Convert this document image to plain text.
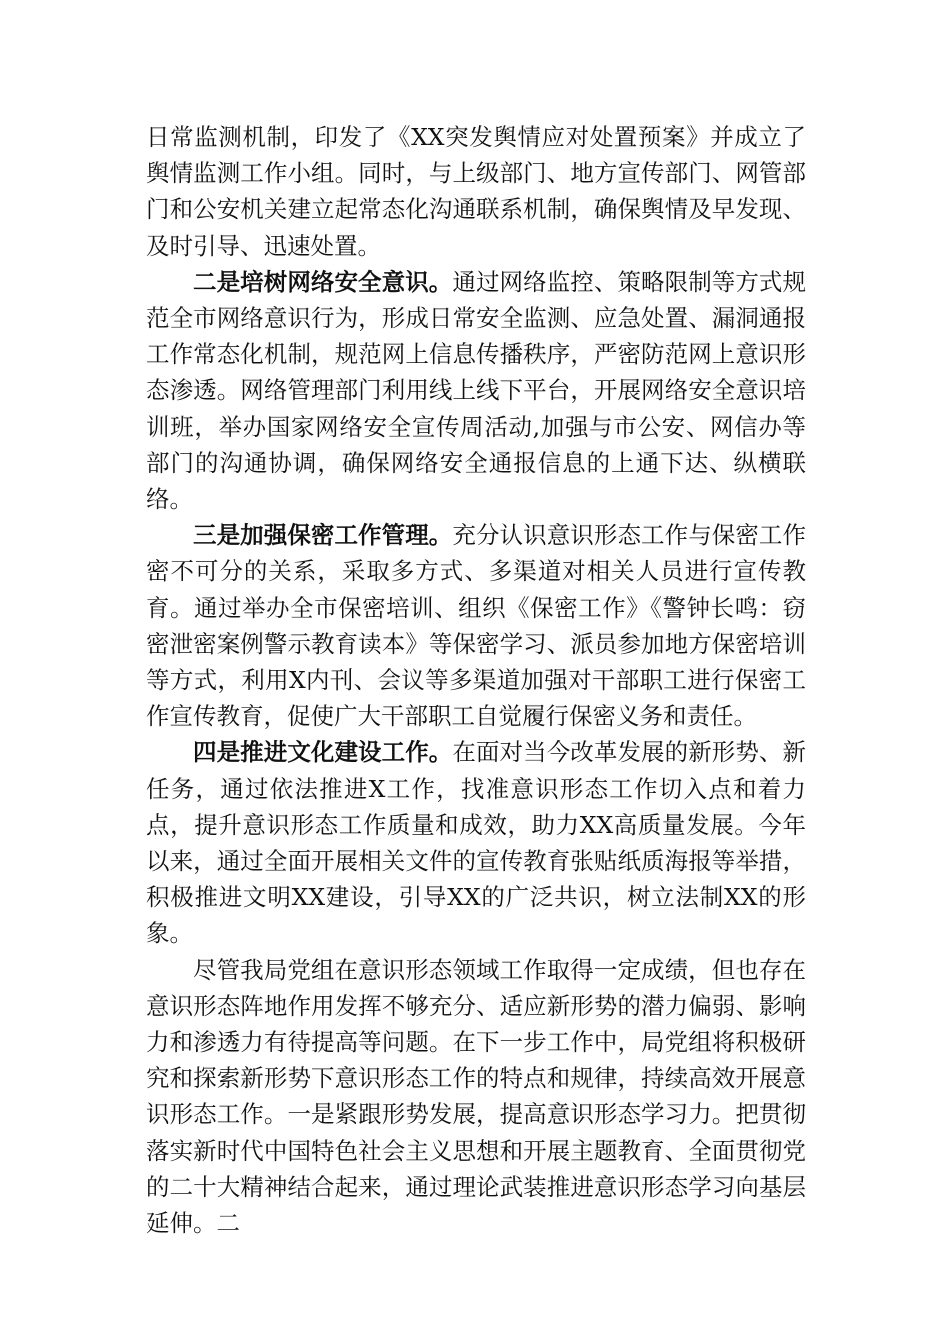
日常监测机制，印发了《XX突发舆情应对处置预案》并成立了舆情监测工作小组。同时，与上级部门、地方宣传部门、网管部门和公安机关建立起常态化沟通联系机制，确保舆情及早发现、及时引导、迅速处置。

二是培树网络安全意识。通过网络监控、策略限制等方式规范全市网络意识行为，形成日常安全监测、应急处置、漏洞通报工作常态化机制，规范网上信息传播秩序，严密防范网上意识形态渗透。网络管理部门利用线上线下平台，开展网络安全意识培训班，举办国家网络安全宣传周活动,加强与市公安、网信办等部门的沟通协调，确保网络安全通报信息的上通下达、纵横联络。

三是加强保密工作管理。充分认识意识形态工作与保密工作密不可分的关系，采取多方式、多渠道对相关人员进行宣传教育。通过举办全市保密培训、组织《保密工作》《警钟长鸣：窃密泄密案例警示教育读本》等保密学习、派员参加地方保密培训等方式，利用X内刊、会议等多渠道加强对干部职工进行保密工作宣传教育，促使广大干部职工自觉履行保密义务和责任。

四是推进文化建设工作。在面对当今改革发展的新形势、新任务，通过依法推进X工作，找准意识形态工作切入点和着力点，提升意识形态工作质量和成效，助力XX高质量发展。今年以来，通过全面开展相关文件的宣传教育张贴纸质海报等举措，积极推进文明XX建设，引导XX的广泛共识，树立法制XX的形象。

尽管我局党组在意识形态领域工作取得一定成绩，但也存在意识形态阵地作用发挥不够充分、适应新形势的潜力偏弱、影响力和渗透力有待提高等问题。在下一步工作中，局党组将积极研究和探索新形势下意识形态工作的特点和规律，持续高效开展意识形态工作。一是紧跟形势发展，提高意识形态学习力。把贯彻落实新时代中国特色社会主义思想和开展主题教育、全面贯彻党的二十大精神结合起来，通过理论武装推进意识形态学习向基层延伸。二
